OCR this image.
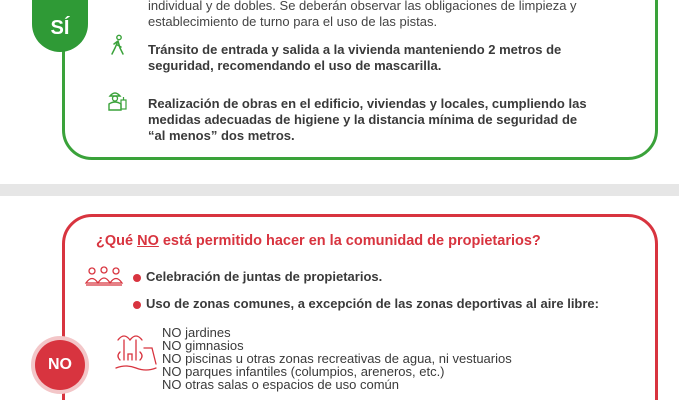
SÍ
individual y de dobles. Se deberán observar las obligaciones de limpieza y
establecimiento de turno para el uso de las pistas.
Tránsito de entrada y salida a la vivienda manteniendo 2 metros de
seguridad, recomendando el uso de mascarilla.
Realización de obras en el edificio, viviendas y locales, cumpliendo las
medidas adecuadas de higiene y la distancia mínima de seguridad de
“al menos” dos metros.
¿Qué NO está permitido hacer en la comunidad de propietarios?
Celebración de juntas de propietarios.
Uso de zonas comunes, a excepción de las zonas deportivas al aire libre:
NO jardines
NO gimnasios
NO piscinas u otras zonas recreativas de agua, ni vestuarios
NO parques infantiles (columpios, areneros, etc.)
NO otras salas o espacios de uso común
NO
